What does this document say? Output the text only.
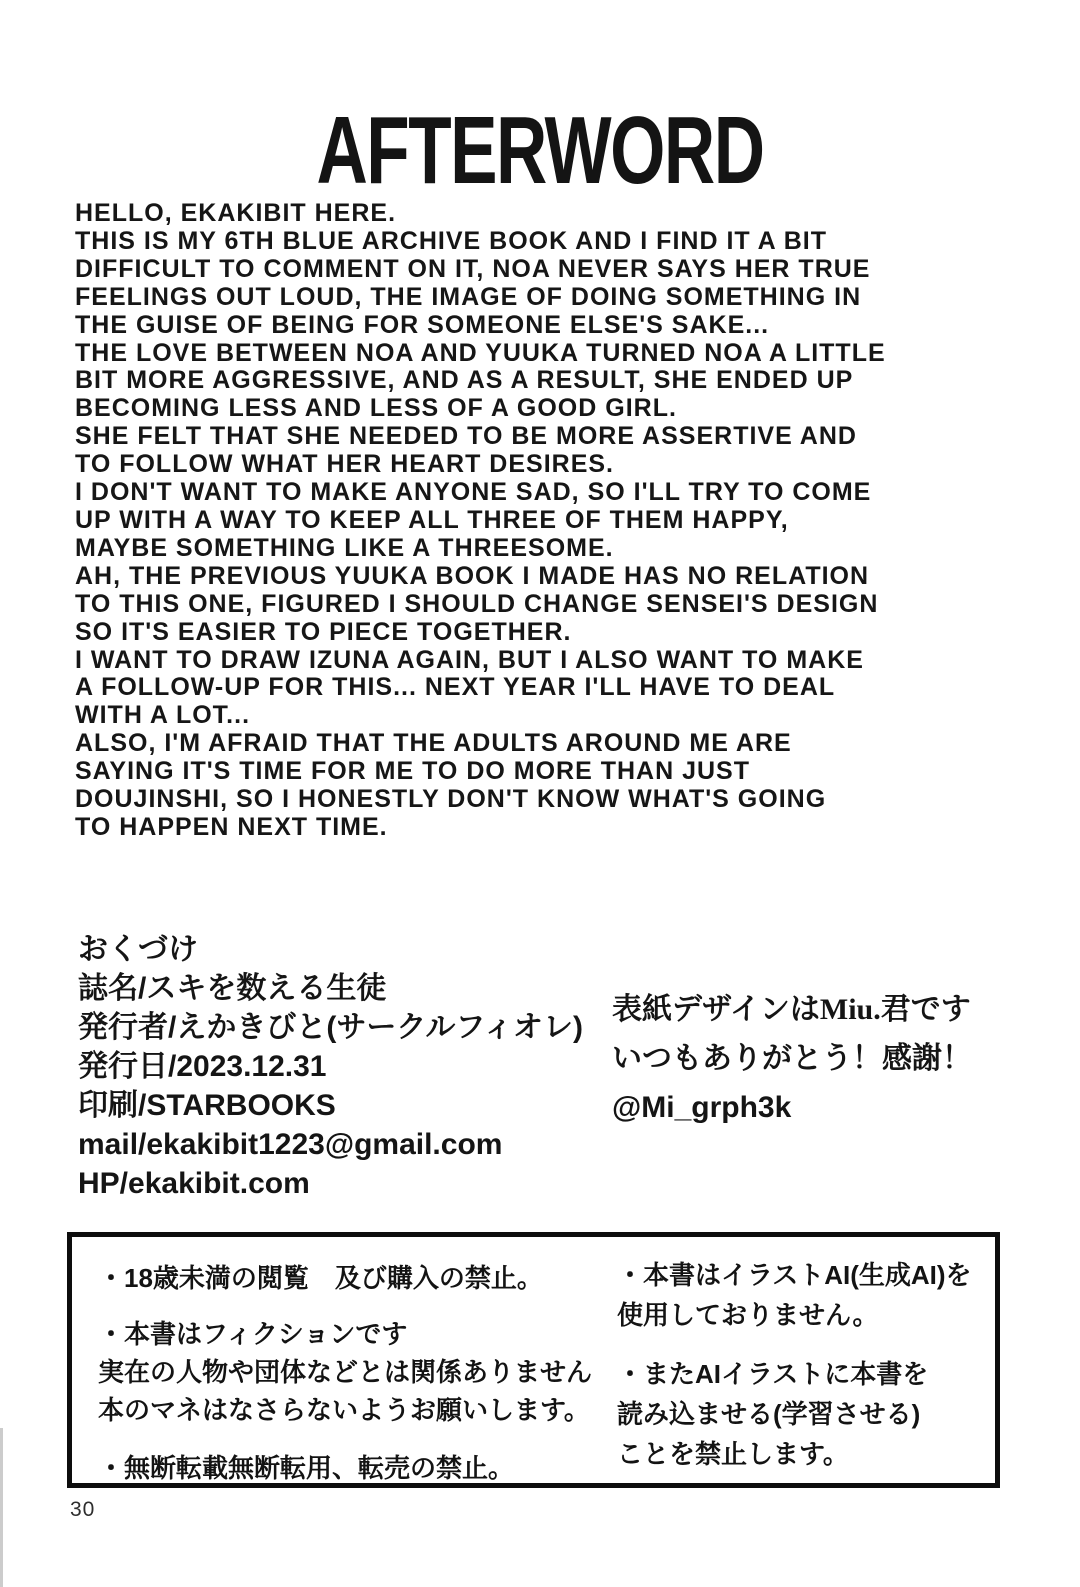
AFTERWORD
HELLO, EKAKIBIT HERE.
THIS IS MY 6TH BLUE ARCHIVE BOOK AND I FIND IT A BIT
DIFFICULT TO COMMENT ON IT, NOA NEVER SAYS HER TRUE
FEELINGS OUT LOUD, THE IMAGE OF DOING SOMETHING IN
THE GUISE OF BEING FOR SOMEONE ELSE'S SAKE...
THE LOVE BETWEEN NOA AND YUUKA TURNED NOA A LITTLE
BIT MORE AGGRESSIVE, AND AS A RESULT, SHE ENDED UP
BECOMING LESS AND LESS OF A GOOD GIRL.
SHE FELT THAT SHE NEEDED TO BE MORE ASSERTIVE AND
TO FOLLOW WHAT HER HEART DESIRES.
I DON'T WANT TO MAKE ANYONE SAD, SO I'LL TRY TO COME
UP WITH A WAY TO KEEP ALL THREE OF THEM HAPPY,
MAYBE SOMETHING LIKE A THREESOME.
AH, THE PREVIOUS YUUKA BOOK I MADE HAS NO RELATION
TO THIS ONE, FIGURED I SHOULD CHANGE SENSEI'S DESIGN
SO IT'S EASIER TO PIECE TOGETHER.
I WANT TO DRAW IZUNA AGAIN, BUT I ALSO WANT TO MAKE
A FOLLOW-UP FOR THIS... NEXT YEAR I'LL HAVE TO DEAL
WITH A LOT...
ALSO, I'M AFRAID THAT THE ADULTS AROUND ME ARE
SAYING IT'S TIME FOR ME TO DO MORE THAN JUST
DOUJINSHI, SO I HONESTLY DON'T KNOW WHAT'S GOING
TO HAPPEN NEXT TIME.
おくづけ
誌名/スキを数える生徒
発行者/えかきびと(サークルフィオレ)
発行日/2023.12.31
印刷/STARBOOKS
mail/ekakibit1223@gmail.com
HP/ekakibit.com
表紙デザインはMiu.君です
いつもありがとう！感謝！
@Mi_grph3k
・18歳未満の閲覧　及び購入の禁止。
・本書はフィクションです
実在の人物や団体などとは関係ありません
本のマネはなさらないようお願いします。
・無断転載無断転用、転売の禁止。
・本書はイラストAI(生成AI)を
使用しておりません。
・またAIイラストに本書を
読み込ませる(学習させる)
ことを禁止します。
30
